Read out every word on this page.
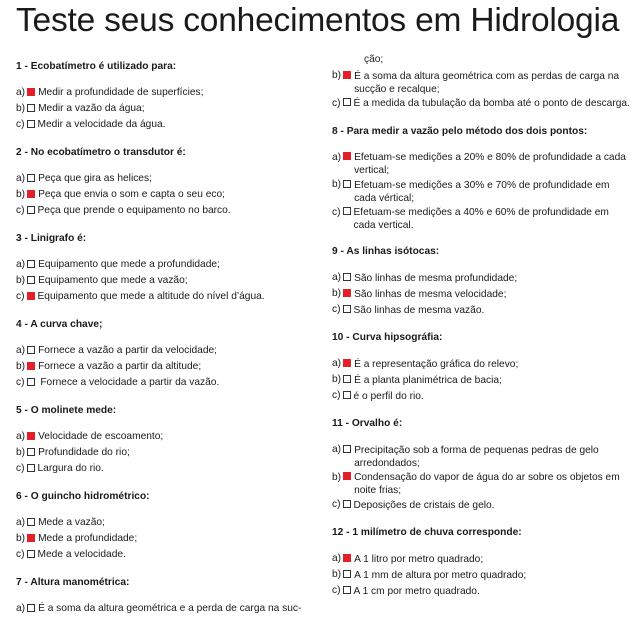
Teste seus conhecimentos em Hidrologia
1 - Ecobatímetro é utilizado para:
a) Medir a profundidade de superfícies;
b) Medir a vazão da água;
c) Medir a velocidade da água.
2 - No ecobatímetro o transdutor é:
a) Peça que gira as helices;
b) Peça que envia o som e capta o seu eco;
c) Peça que prende o equipamento no barco.
3 - Linigrafo é:
a) Equipamento que mede a profundidade;
b) Equipamento que mede a vazão;
c) Equipamento que mede a altitude do nível d’água.
4 - A curva chave;
a) Fornece a vazão a partir da velocidade;
b) Fornece a vazão a partir da altitude;
c) Fornece a velocidade a partir da vazão.
5 - O molinete mede:
a) Velocidade de escoamento;
b) Profundidade do rio;
c) Largura do rio.
6 - O guincho hidrométrico:
a) Mede a vazão;
b) Mede a profundidade;
c) Mede a velocidade.
7 - Altura manométrica:
a) É a soma da altura geométrica e a perda de carga na suc-
ção;
b)	É a soma da altura geométrica com as perdas de carga na sucção e recalque;
c)	É a medida da tubulação da bomba até o ponto de descarga.
8 - Para medir a vazão pelo método dos dois pontos:
a)	Efetuam-se medições a 20% e 80% de profundidade a cada vertical;
b)	Efetuam-se medições a 30% e 70% de profundidade em cada vértical;
c)	Efetuam-se medições a 40% e 60% de profundidade em cada vertical.
9 - As linhas isótocas:
a)	São linhas de mesma profundidade;
b)	São linhas de mesma velocidade;
c)	São linhas de mesma vazão.
10 - Curva hipsográfia:
a)	É a representação gráfica do relevo;
b)	É a planta planimétrica de bacia;
c)	é o perfil do rio.
11 - Orvalho é:
a)	Precipitação sob a forma de pequenas pedras de gelo arredondados;
b)	Condensação do vapor de água do ar sobre os objetos em noite frias;
c)	Deposições de cristais de gelo.
12 - 1 milímetro de chuva corresponde:
a)	A 1 litro por metro quadrado;
b)	A 1 mm de altura por metro quadrado;
c)	A 1 cm por metro quadrado.
